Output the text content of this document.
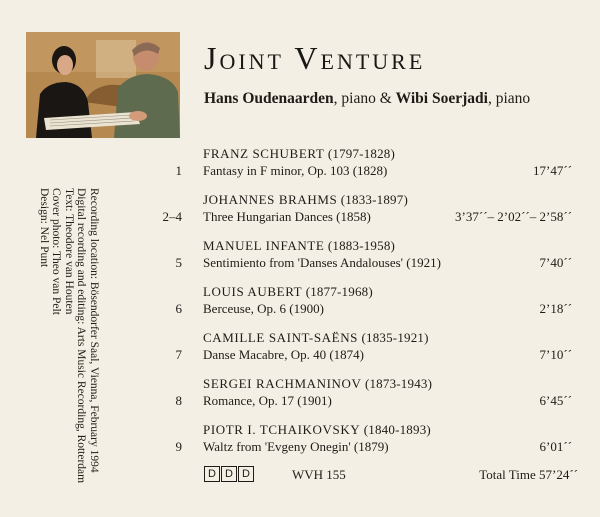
Joint Venture
Hans Oudenaarden, piano & Wibi Soerjadi, piano
FRANZ SCHUBERT (1797-1828)
1 Fantasy in F minor, Op. 103 (1828)	17’47´´
JOHANNES BRAHMS (1833-1897)
2–4 Three Hungarian Dances (1858)	3’37´´– 2’02´´– 2’58´´
MANUEL INFANTE (1883-1958)
5 Sentimiento from 'Danses Andalouses' (1921)	7’40´´
LOUIS AUBERT (1877-1968)
6 Berceuse, Op. 6 (1900)	2’18´´
CAMILLE SAINT-SAËNS (1835-1921)
7 Danse Macabre, Op. 40 (1874)	7’10´´
SERGEI RACHMANINOV (1873-1943)
8 Romance, Op. 17 (1901)	6’45´´
PIOTR I. TCHAIKOVSKY (1840-1893)
9 Waltz from 'Evgeny Onegin' (1879)	6’01´´
Recording location: Bösendorfer Saal, Vienna, February 1994
Digital recording and editing: Arts Music Recording, Rotterdam
Text: Theodore van Houten
Cover photo: Theo van Pelt
Design: Nel Punt
D D D	WVH 155	Total Time 57’24´´
